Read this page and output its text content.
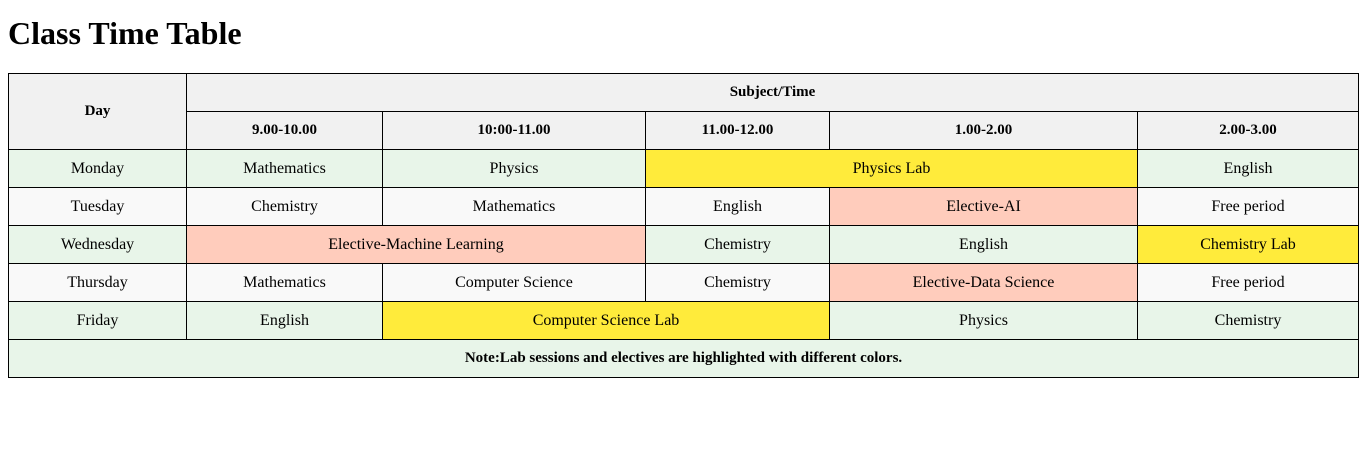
Class Time Table
Day	Subject/Time				
	9.00-10.00	10:00-11.00	11.00-12.00	1.00-2.00	2.00-3.00
Monday	Mathematics	Physics	Physics Lab		English
Tuesday	Chemistry	Mathematics	English	Elective-AI	Free period
Wednesday	Elective-Machine Learning		Chemistry	English	Chemistry Lab
Thursday	Mathematics	Computer Science	Chemistry	Elective-Data Science	Free period
Friday	English	Computer Science Lab		Physics	Chemistry
Note:Lab sessions and electives are highlighted with different colors.					
